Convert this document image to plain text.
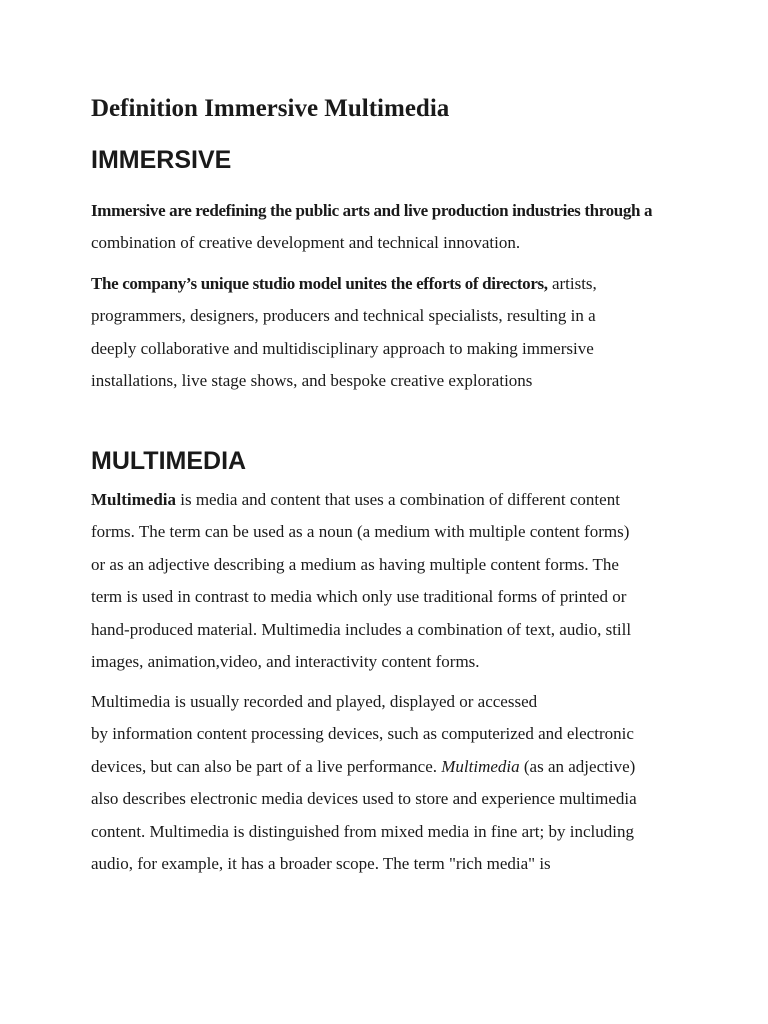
Definition Immersive Multimedia
IMMERSIVE

Immersive are redefining the public arts and live production industries through a
combination of creative development and technical innovation.

The company’s unique studio model unites the efforts of directors, artists,
programmers, designers, producers and technical specialists, resulting in a
deeply collaborative and multidisciplinary approach to making immersive
installations, live stage shows, and bespoke creative explorations

MULTIMEDIA

Multimedia is media and content that uses a combination of different content
forms. The term can be used as a noun (a medium with multiple content forms)
or as an adjective describing a medium as having multiple content forms. The
term is used in contrast to media which only use traditional forms of printed or
hand-produced material. Multimedia includes a combination of text, audio, still
images, animation,video, and interactivity content forms.

Multimedia is usually recorded and played, displayed or accessed
by information content processing devices, such as computerized and electronic
devices, but can also be part of a live performance. Multimedia (as an adjective)
also describes electronic media devices used to store and experience multimedia
content. Multimedia is distinguished from mixed media in fine art; by including
audio, for example, it has a broader scope. The term "rich media" is
